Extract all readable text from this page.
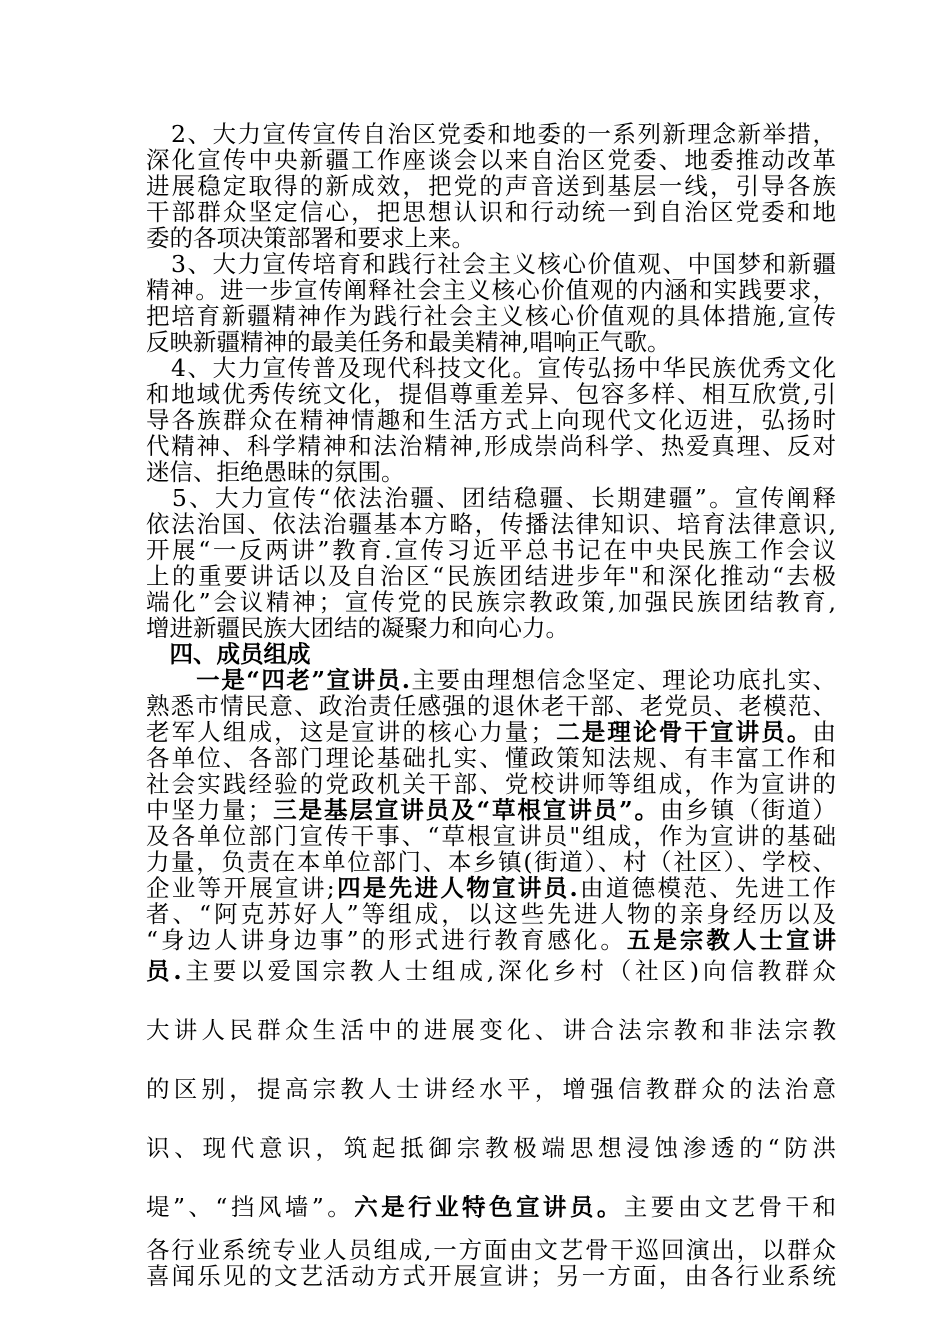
　2、大力宣传宣传自治区党委和地委的一系列新理念新举措，
深化宣传中央新疆工作座谈会以来自治区党委、地委推动改革
进展稳定取得的新成效，把党的声音送到基层一线，引导各族
干部群众坚定信心，把思想认识和行动统一到自治区党委和地
委的各项决策部署和要求上来。
　3、大力宣传培育和践行社会主义核心价值观、中国梦和新疆
精神。进一步宣传阐释社会主义核心价值观的内涵和实践要求，
把培育新疆精神作为践行社会主义核心价值观的具体措施,宣传
反映新疆精神的最美任务和最美精神,唱响正气歌。
　4、大力宣传普及现代科技文化。宣传弘扬中华民族优秀文化
和地域优秀传统文化，提倡尊重差异、包容多样、相互欣赏,引
导各族群众在精神情趣和生活方式上向现代文化迈进，弘扬时
代精神、科学精神和法治精神,形成崇尚科学、热爱真理、反对
迷信、拒绝愚昧的氛围。
　5、大力宣传“依法治疆、团结稳疆、长期建疆”。宣传阐释
依法治国、依法治疆基本方略，传播法律知识、培育法律意识,
开展“一反两讲”教育.宣传习近平总书记在中央民族工作会议
上的重要讲话以及自治区“民族团结进步年"和深化推动“去极
端化”会议精神；宣传党的民族宗教政策,加强民族团结教育,
增进新疆民族大团结的凝聚力和向心力。
　四、成员组成
　　一是“四老”宣讲员.主要由理想信念坚定、理论功底扎实、
熟悉市情民意、政治责任感强的退休老干部、老党员、老模范、
老军人组成，这是宣讲的核心力量；二是理论骨干宣讲员。由
各单位、各部门理论基础扎实、懂政策知法规、有丰富工作和
社会实践经验的党政机关干部、党校讲师等组成，作为宣讲的
中坚力量；三是基层宣讲员及“草根宣讲员”。由乡镇（街道）
及各单位部门宣传干事、“草根宣讲员"组成，作为宣讲的基础
力量，负责在本单位部门、本乡镇(街道）、村（社区）、学校、
企业等开展宣讲;四是先进人物宣讲员.由道德模范、先进工作
者、“阿克苏好人”等组成，以这些先进人物的亲身经历以及
“身边人讲身边事”的形式进行教育感化。五是宗教人士宣讲
员.主要以爱国宗教人士组成,深化乡村（社区)向信教群众
大讲人民群众生活中的进展变化、讲合法宗教和非法宗教
的区别，提高宗教人士讲经水平，增强信教群众的法治意
识、现代意识，筑起抵御宗教极端思想浸蚀渗透的“防洪
堤”、“挡风墙”。六是行业特色宣讲员。主要由文艺骨干和
各行业系统专业人员组成,一方面由文艺骨干巡回演出，以群众
喜闻乐见的文艺活动方式开展宣讲；另一方面，由各行业系统
